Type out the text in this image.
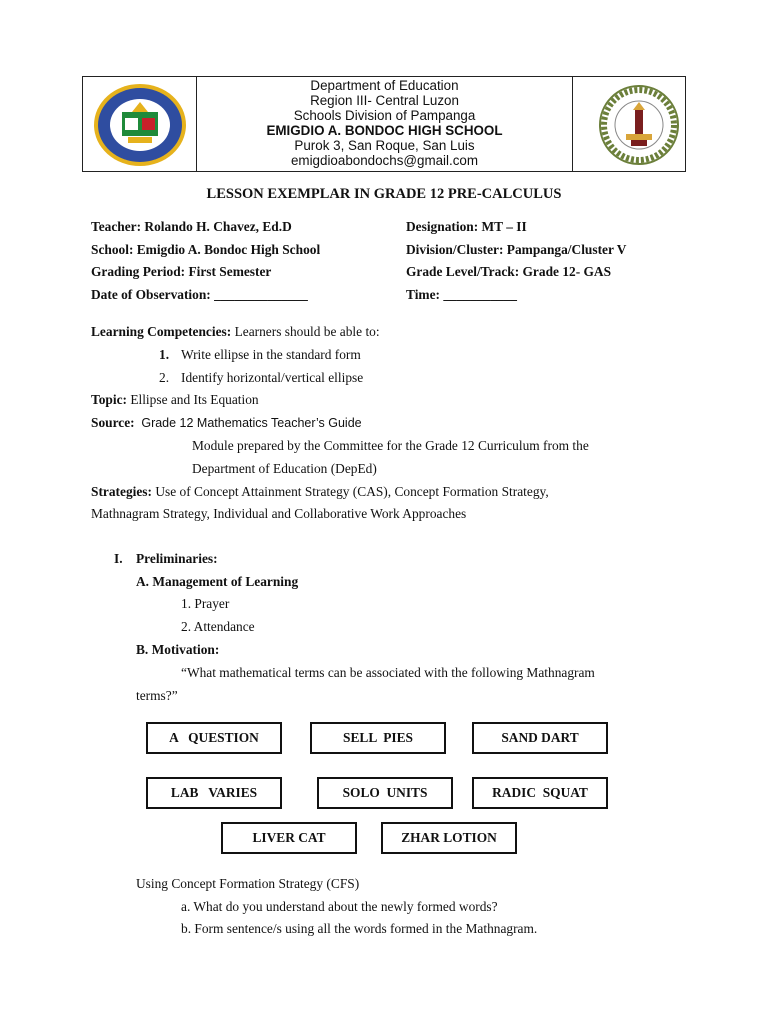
Department of Education
Region III- Central Luzon
Schools Division of Pampanga
EMIGDIO A. BONDOC HIGH SCHOOL
Purok 3, San Roque, San Luis
emigdioabondochs@gmail.com
LESSON EXEMPLAR IN GRADE 12 PRE-CALCULUS
Teacher: Rolando H. Chavez, Ed.D	Designation: MT – II
School: Emigdio A. Bondoc High School	Division/Cluster: Pampanga/Cluster V
Grading Period: First Semester	Grade Level/Track: Grade 12- GAS
Date of Observation: ______________	Time: ___________
Learning Competencies: Learners should be able to:
1. Write ellipse in the standard form
2. Identify horizontal/vertical ellipse
Topic: Ellipse and Its Equation
Source: Grade 12 Mathematics Teacher’s Guide
Module prepared by the Committee for the Grade 12 Curriculum from the
Department of Education (DepEd)
Strategies: Use of Concept Attainment Strategy (CAS), Concept Formation Strategy,
Mathnagram Strategy, Individual and Collaborative Work Approaches
I. Preliminaries:
A. Management of Learning
1. Prayer
2. Attendance
B. Motivation:
“What mathematical terms can be associated with the following Mathnagram
terms?”
A   QUESTION	SELL  PIES	SAND DART
LAB   VARIES	SOLO  UNITS	RADIC  SQUAT
LIVER CAT	ZHAR LOTION
Using Concept Formation Strategy (CFS)
a. What do you understand about the newly formed words?
b. Form sentence/s using all the words formed in the Mathnagram.
